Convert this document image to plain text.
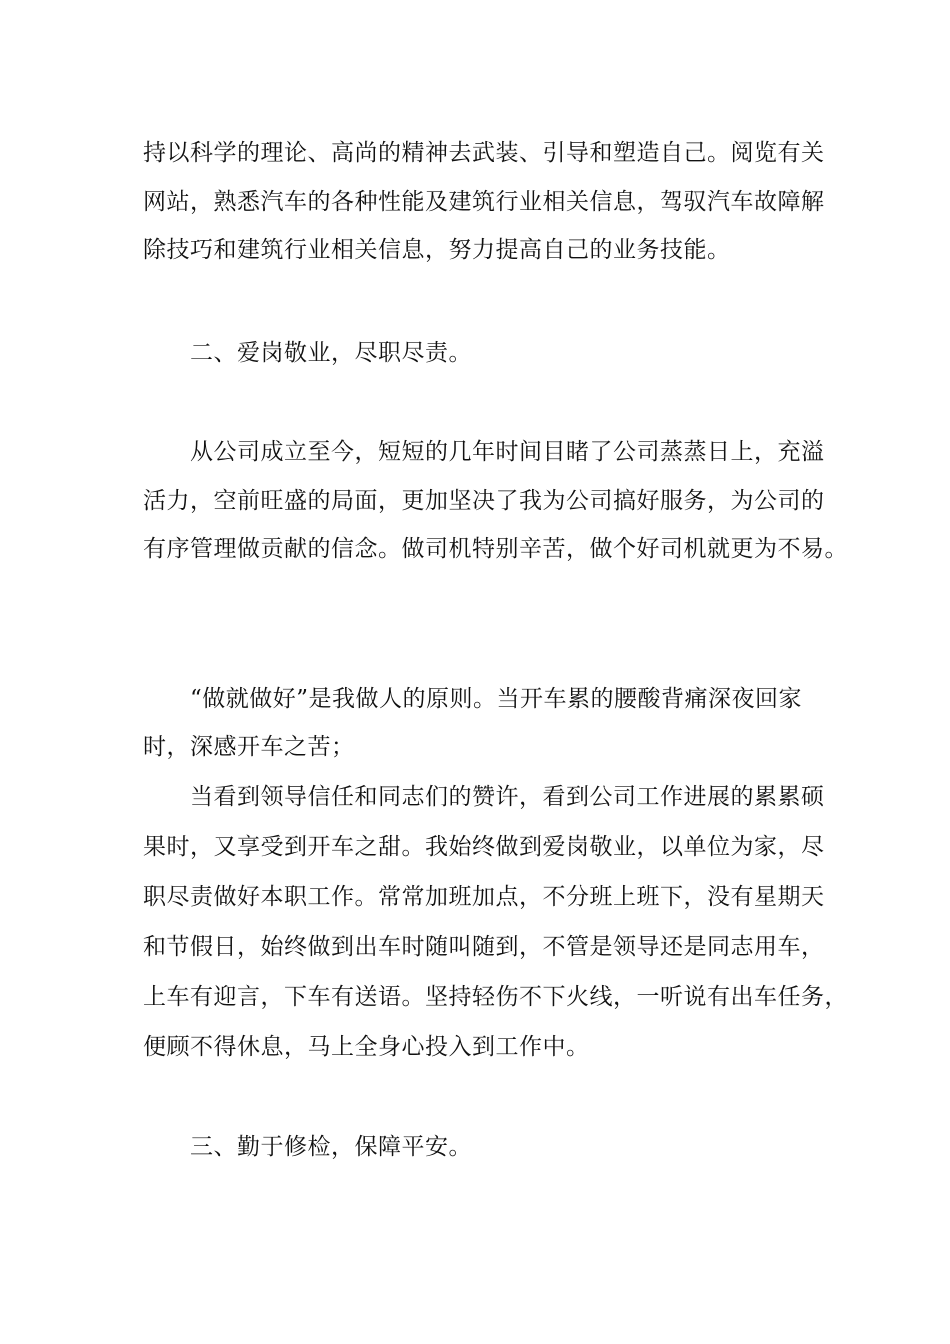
持以科学的理论、高尚的精神去武装、引导和塑造自己。阅览有关
网站，熟悉汽车的各种性能及建筑行业相关信息，驾驭汽车故障解
除技巧和建筑行业相关信息，努力提高自己的业务技能。
二、爱岗敬业，尽职尽责。
从公司成立至今，短短的几年时间目睹了公司蒸蒸日上，充溢
活力，空前旺盛的局面，更加坚决了我为公司搞好服务，为公司的
有序管理做贡献的信念。做司机特别辛苦，做个好司机就更为不易。
“做就做好”是我做人的原则。当开车累的腰酸背痛深夜回家
时，深感开车之苦；
当看到领导信任和同志们的赞许，看到公司工作进展的累累硕
果时，又享受到开车之甜。我始终做到爱岗敬业，以单位为家，尽
职尽责做好本职工作。常常加班加点，不分班上班下，没有星期天
和节假日，始终做到出车时随叫随到，不管是领导还是同志用车，
上车有迎言，下车有送语。坚持轻伤不下火线，一听说有出车任务，
便顾不得休息，马上全身心投入到工作中。
三、勤于修检，保障平安。
